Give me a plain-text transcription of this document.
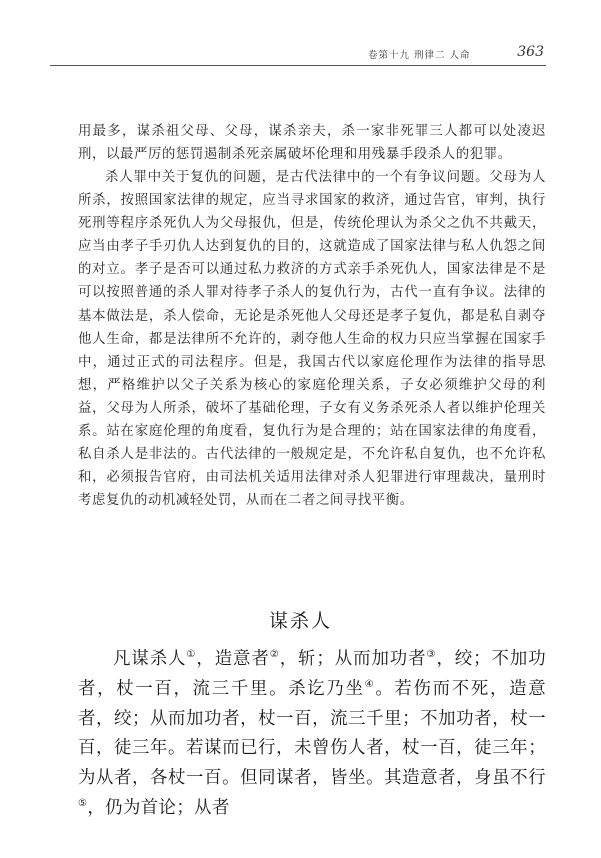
卷第十九 刑律二 人命	363

用最多，谋杀祖父母、父母，谋杀亲夫，杀一家非死罪三人都可以处凌迟刑，以最严厉的惩罚遏制杀死亲属破坏伦理和用残暴手段杀人的犯罪。

杀人罪中关于复仇的问题，是古代法律中的一个有争议问题。父母为人所杀，按照国家法律的规定，应当寻求国家的救济，通过告官，审判，执行死刑等程序杀死仇人为父母报仇，但是，传统伦理认为杀父之仇不共戴天，应当由孝子手刃仇人达到复仇的目的，这就造成了国家法律与私人仇怨之间的对立。孝子是否可以通过私力救济的方式亲手杀死仇人，国家法律是不是可以按照普通的杀人罪对待孝子杀人的复仇行为，古代一直有争议。法律的基本做法是，杀人偿命，无论是杀死他人父母还是孝子复仇，都是私自剥夺他人生命，都是法律所不允许的，剥夺他人生命的权力只应当掌握在国家手中，通过正式的司法程序。但是，我国古代以家庭伦理作为法律的指导思想，严格维护以父子关系为核心的家庭伦理关系，子女必须维护父母的利益，父母为人所杀，破坏了基础伦理，子女有义务杀死杀人者以维护伦理关系。站在家庭伦理的角度看，复仇行为是合理的；站在国家法律的角度看，私自杀人是非法的。古代法律的一般规定是，不允许私自复仇，也不允许私和，必须报告官府，由司法机关适用法律对杀人犯罪进行审理裁决，量刑时考虑复仇的动机减轻处罚，从而在二者之间寻找平衡。

谋杀人

凡谋杀人①，造意者②，斩；从而加功者③，绞；不加功者，杖一百，流三千里。杀讫乃坐④。若伤而不死，造意者，绞；从而加功者，杖一百，流三千里；不加功者，杖一百，徒三年。若谋而已行，未曾伤人者，杖一百，徒三年；为从者，各杖一百。但同谋者，皆坐。其造意者，身虽不行⑤，仍为首论；从者
